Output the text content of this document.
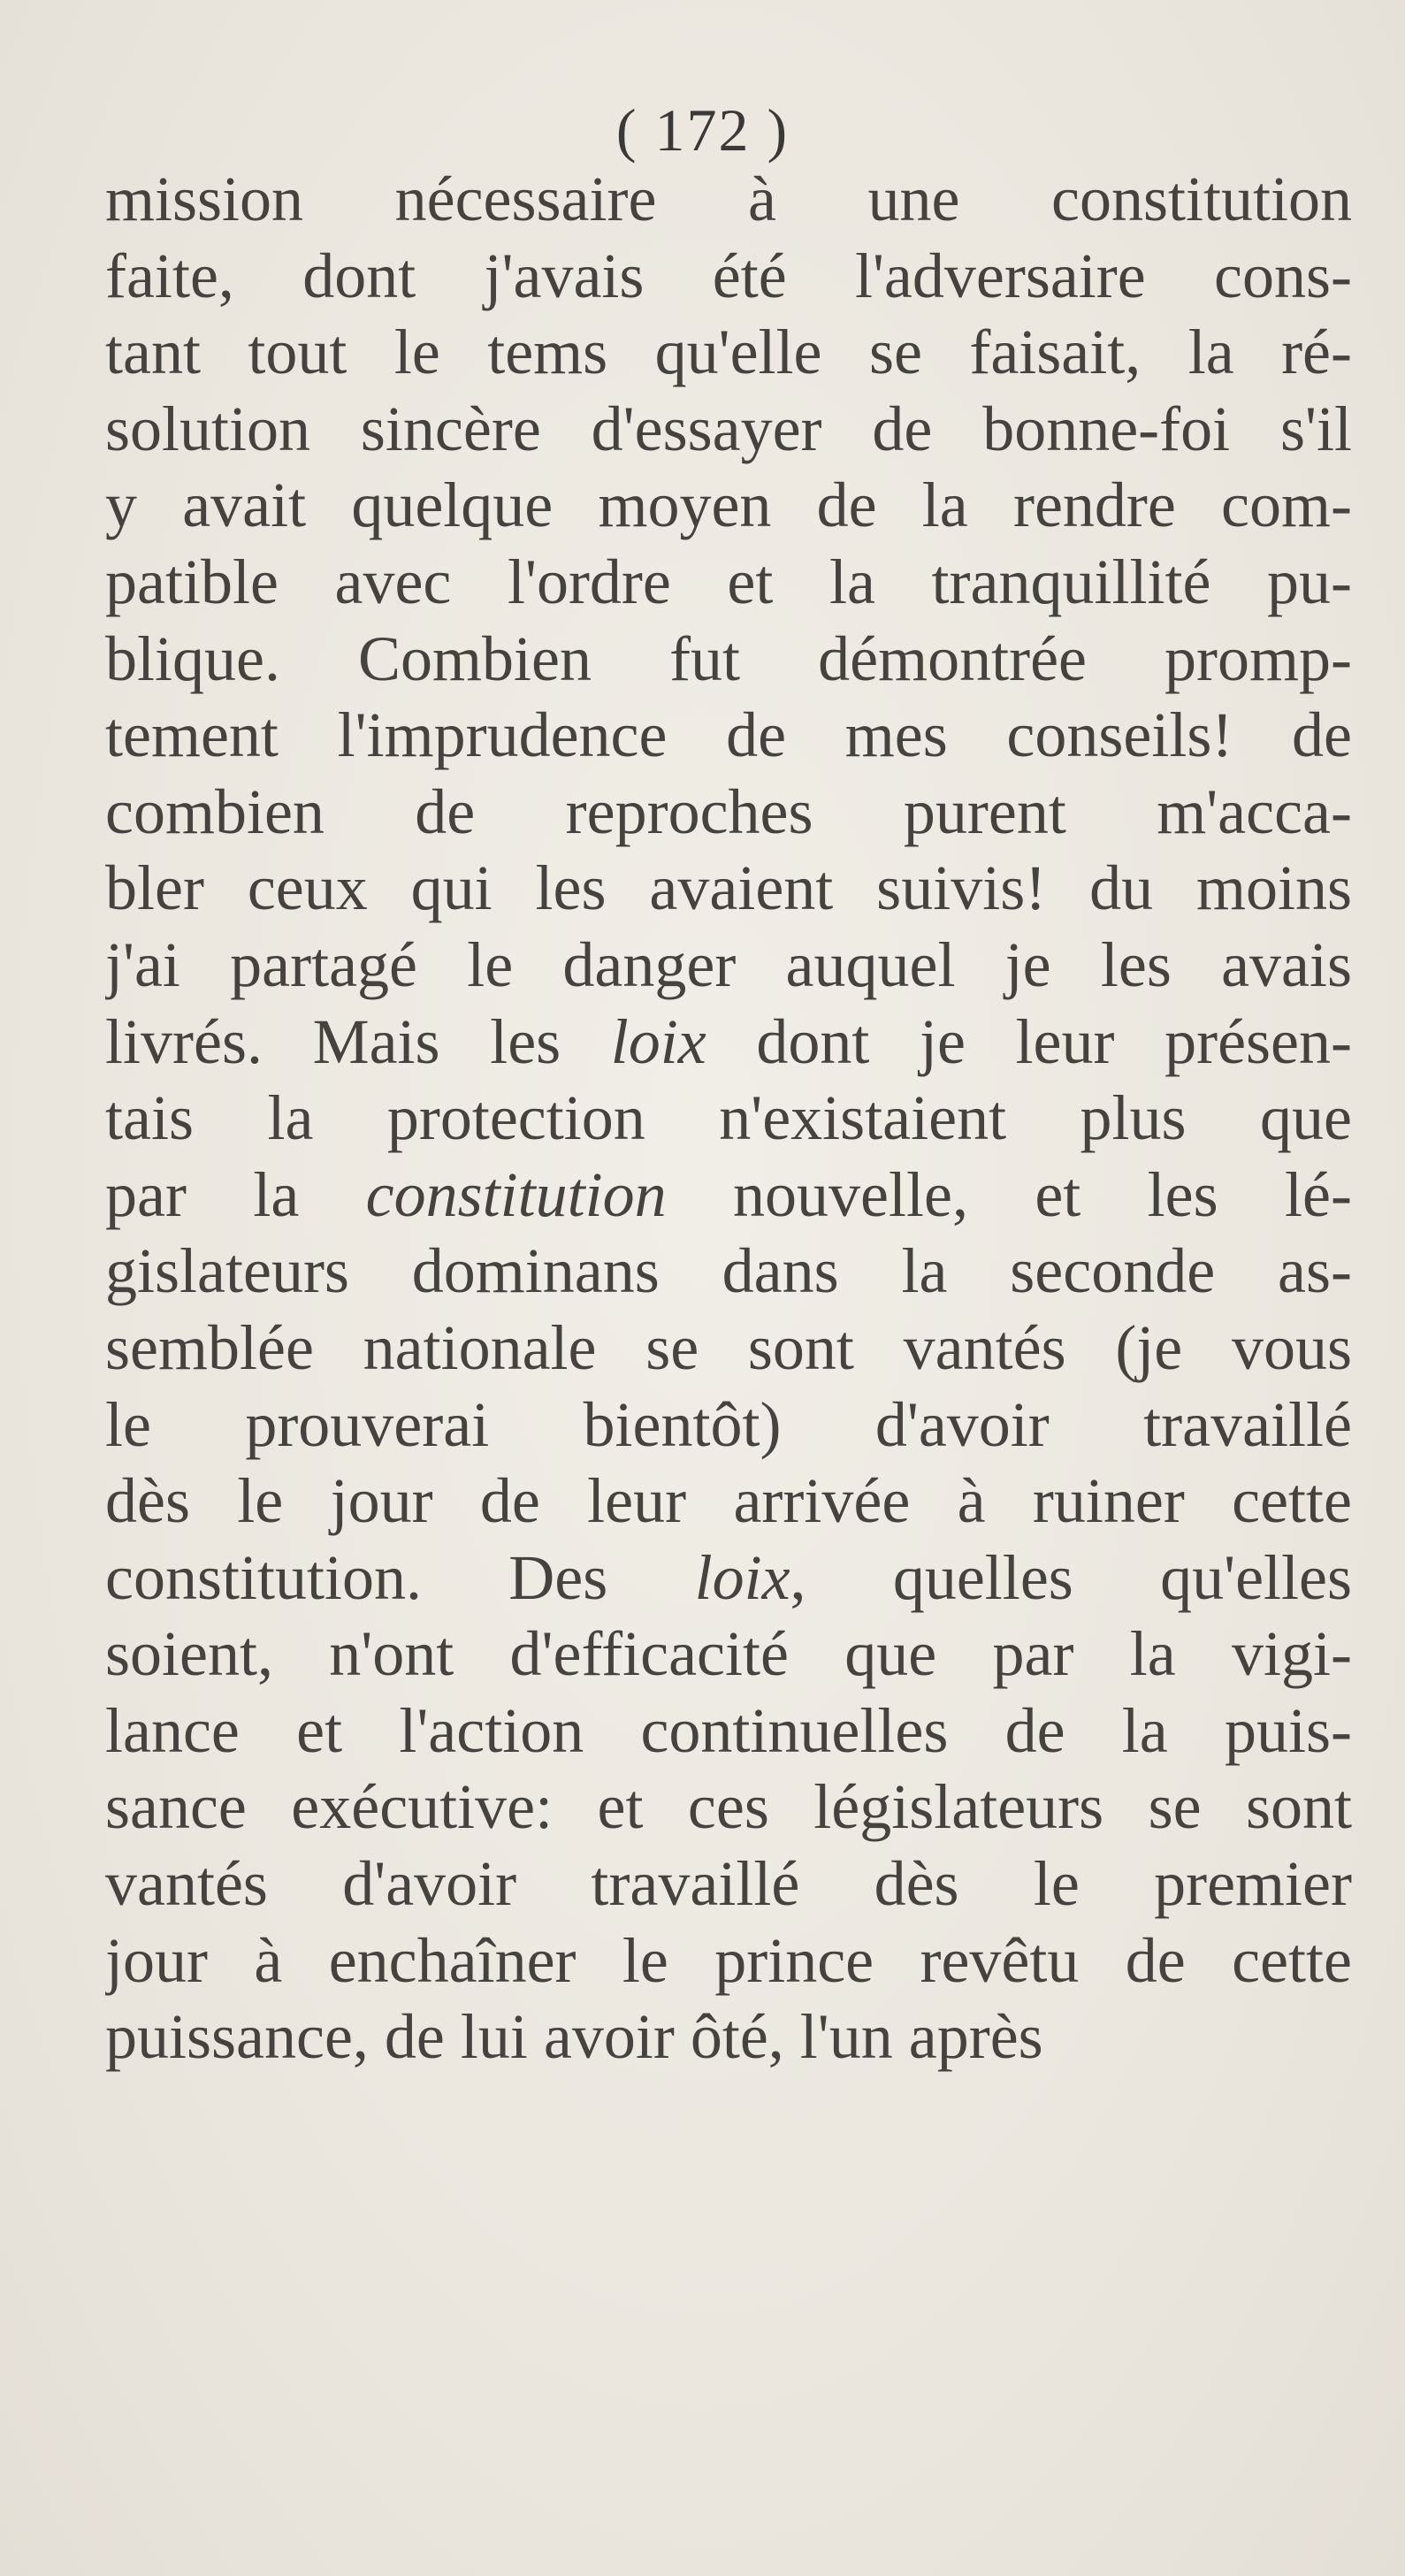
( 172 )
mission nécessaire à une constitution
faite, dont j'avais été l'adversaire cons-
tant tout le tems qu'elle se faisait, la ré-
solution sincère d'essayer de bonne-foi s'il
y avait quelque moyen de la rendre com-
patible avec l'ordre et la tranquillité pu-
blique. Combien fut démontrée promp-
tement l'imprudence de mes conseils! de
combien de reproches purent m'acca-
bler ceux qui les avaient suivis! du moins
j'ai partagé le danger auquel je les avais
livrés. Mais les loix dont je leur présen-
tais la protection n'existaient plus que
par la constitution nouvelle, et les lé-
gislateurs dominans dans la seconde as-
semblée nationale se sont vantés (je vous
le prouverai bientôt) d'avoir travaillé
dès le jour de leur arrivée à ruiner cette
constitution. Des loix, quelles qu'elles
soient, n'ont d'efficacité que par la vigi-
lance et l'action continuelles de la puis-
sance exécutive: et ces législateurs se sont
vantés d'avoir travaillé dès le premier
jour à enchaîner le prince revêtu de cette
puissance, de lui avoir ôté, l'un après
